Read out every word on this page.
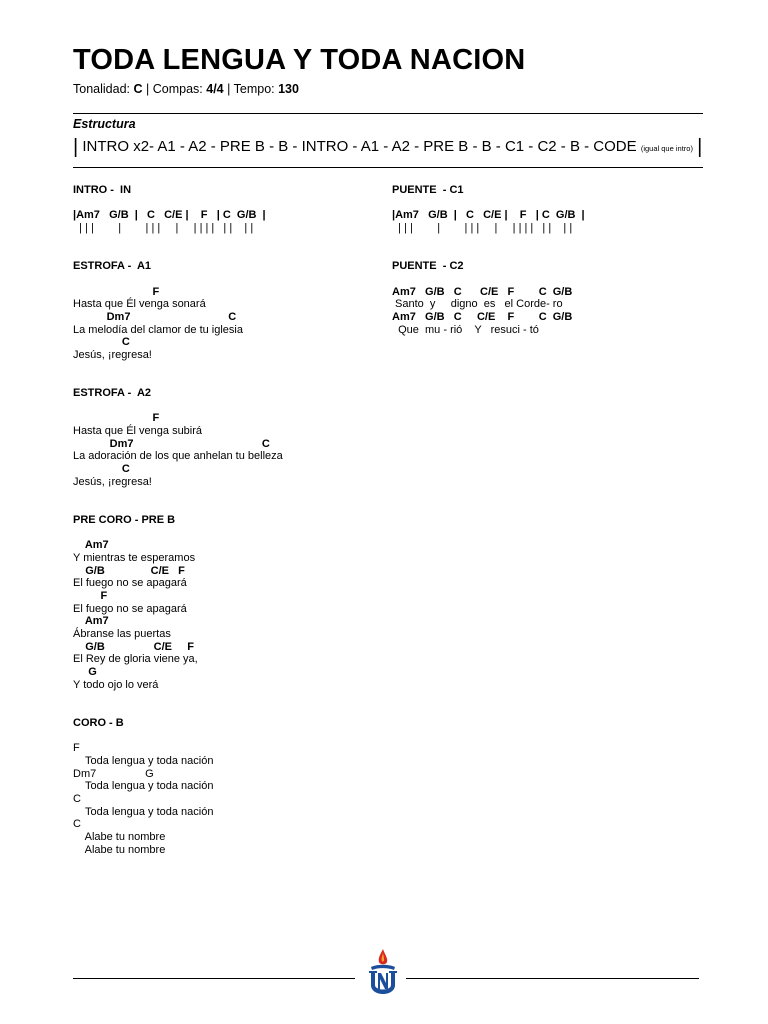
TODA LENGUA Y TODA NACION
Tonalidad: C | Compas: 4/4 | Tempo: 130
Estructura
| INTRO x2- A1 - A2 - PRE B - B - INTRO - A1 - A2 - PRE B - B - C1 - C2 - B - CODE (igual que intro) |
INTRO -  IN
|Am7   G/B  |   C   C/E |    F   | C  G/B  |
| | |        |        | | |     |     | | | |   | |    | |
ESTROFA -  A1
F
Hasta que Él venga sonará
Dm7                                C
La melodía del clamor de tu iglesia
C
Jesús, ¡regresa!
ESTROFA -  A2
F
Hasta que Él venga subirá
Dm7                                          C
La adoración de los que anhelan tu belleza
C
Jesús, ¡regresa!
PRE CORO - PRE B
Am7
Y mientras te esperamos
G/B               C/E   F
El fuego no se apagará
F
El fuego no se apagará
Am7
Ábranse las puertas
G/B                C/E     F
El Rey de gloria viene ya,
G
Y todo ojo lo verá
CORO - B
F
Toda lengua y toda nación
Dm7                G
Toda lengua y toda nación
C
Toda lengua y toda nación
C
Alabe tu nombre
Alabe tu nombre
PUENTE  - C1
|Am7   G/B  |   C   C/E |    F   | C  G/B  |
| | |        |        | | |     |     | | | |   | |    | |
PUENTE  - C2
Am7   G/B   C      C/E   F        C  G/B
Santo  y     digno  es   el Corde- ro
Am7   G/B   C     C/E    F        C  G/B
Que  mu - rió    Y   resuci - tó
